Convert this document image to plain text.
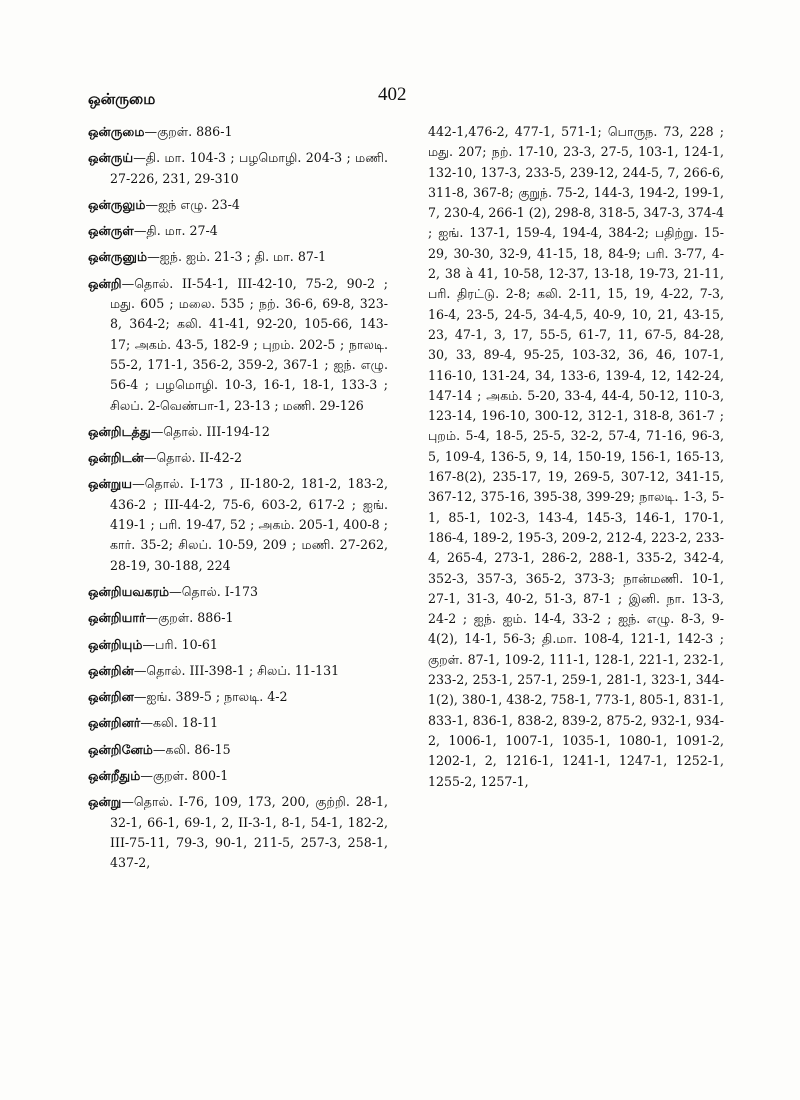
ஒன்ருமை	402

ஒன்ருமை—குறள். 886-1

ஒன்ருய்—தி. மா. 104-3 ; பழமொழி. 204-3 ; மணி. 27-226, 231, 29-310

ஒன்ருலும்—ஐந் எழு. 23-4

ஒன்ருள்—தி. மா. 27-4

ஒன்ருனும்—ஐந். ஐம். 21-3 ; தி. மா. 87-1

ஒன்றி—தொல். II-54-1, III-42-10, 75-2, 90-2 ; மது. 605 ; மலை. 535 ; நற். 36-6, 69-8, 323-8, 364-2; கலி. 41-41, 92-20, 105-66, 143-17; அகம். 43-5, 182-9 ; புறம். 202-5 ; நாலடி. 55-2, 171-1, 356-2, 359-2, 367-1 ; ஐந். எழு. 56-4 ; பழமொழி. 10-3, 16-1, 18-1, 133-3 ; சிலப். 2-வெண்பா-1, 23-13 ; மணி. 29-126

ஒன்றிடத்து—தொல். III-194-12

ஒன்றிடன்—தொல். II-42-2

ஒன்றுய—தொல். I-173 , II-180-2, 181-2, 183-2, 436-2 ; III-44-2, 75-6, 603-2, 617-2 ; ஐங். 419-1 ; பரி. 19-47, 52 ; அகம். 205-1, 400-8 ; கார். 35-2; சிலப். 10-59, 209 ; மணி. 27-262, 28-19, 30-188, 224

ஒன்றியவகரம்—தொல். I-173

ஒன்றியார்—குறள். 886-1

ஒன்றியும்—பரி. 10-61

ஒன்றின்—தொல். III-398-1 ; சிலப். 11-131

ஒன்றின—ஐங். 389-5 ; நாலடி. 4-2

ஒன்றினர்—கலி. 18-11

ஒன்றினேம்—கலி. 86-15

ஒன்றீதும்—குறள். 800-1

ஒன்று—தொல். I-76, 109, 173, 200, குற்றி. 28-1, 32-1, 66-1, 69-1, 2, II-3-1, 8-1, 54-1, 182-2, III-75-11, 79-3, 90-1, 211-5, 257-3, 258-1, 437-2,

442-1,476-2, 477-1, 571-1; பொருந. 73, 228 ; மது. 207; நற். 17-10, 23-3, 27-5, 103-1, 124-1, 132-10, 137-3, 233-5, 239-12, 244-5, 7, 266-6, 311-8, 367-8; குறுந். 75-2, 144-3, 194-2, 199-1, 7, 230-4, 266-1 (2), 298-8, 318-5, 347-3, 374-4 ; ஐங். 137-1, 159-4, 194-4, 384-2; பதிற்று. 15-29, 30-30, 32-9, 41-15, 18, 84-9; பரி. 3-77, 4-2, 38 à 41, 10-58, 12-37, 13-18, 19-73, 21-11, பரி. திரட்டு. 2-8; கலி. 2-11, 15, 19, 4-22, 7-3, 16-4, 23-5, 24-5, 34-4,5, 40-9, 10, 21, 43-15, 23, 47-1, 3, 17, 55-5, 61-7, 11, 67-5, 84-28, 30, 33, 89-4, 95-25, 103-32, 36, 46, 107-1, 116-10, 131-24, 34, 133-6, 139-4, 12, 142-24, 147-14 ; அகம். 5-20, 33-4, 44-4, 50-12, 110-3, 123-14, 196-10, 300-12, 312-1, 318-8, 361-7 ; புறம். 5-4, 18-5, 25-5, 32-2, 57-4, 71-16, 96-3, 5, 109-4, 136-5, 9, 14, 150-19, 156-1, 165-13, 167-8(2), 235-17, 19, 269-5, 307-12, 341-15, 367-12, 375-16, 395-38, 399-29; நாலடி. 1-3, 5-1, 85-1, 102-3, 143-4, 145-3, 146-1, 170-1, 186-4, 189-2, 195-3, 209-2, 212-4, 223-2, 233-4, 265-4, 273-1, 286-2, 288-1, 335-2, 342-4, 352-3, 357-3, 365-2, 373-3; நான்மணி. 10-1, 27-1, 31-3, 40-2, 51-3, 87-1 ; இனி. நா. 13-3, 24-2 ; ஐந். ஐம். 14-4, 33-2 ; ஐந். எழு. 8-3, 9-4(2), 14-1, 56-3; தி.மா. 108-4, 121-1, 142-3 ; குறள். 87-1, 109-2, 111-1, 128-1, 221-1, 232-1, 233-2, 253-1, 257-1, 259-1, 281-1, 323-1, 344-1(2), 380-1, 438-2, 758-1, 773-1, 805-1, 831-1, 833-1, 836-1, 838-2, 839-2, 875-2, 932-1, 934-2, 1006-1, 1007-1, 1035-1, 1080-1, 1091-2, 1202-1, 2, 1216-1, 1241-1, 1247-1, 1252-1, 1255-2, 1257-1,
